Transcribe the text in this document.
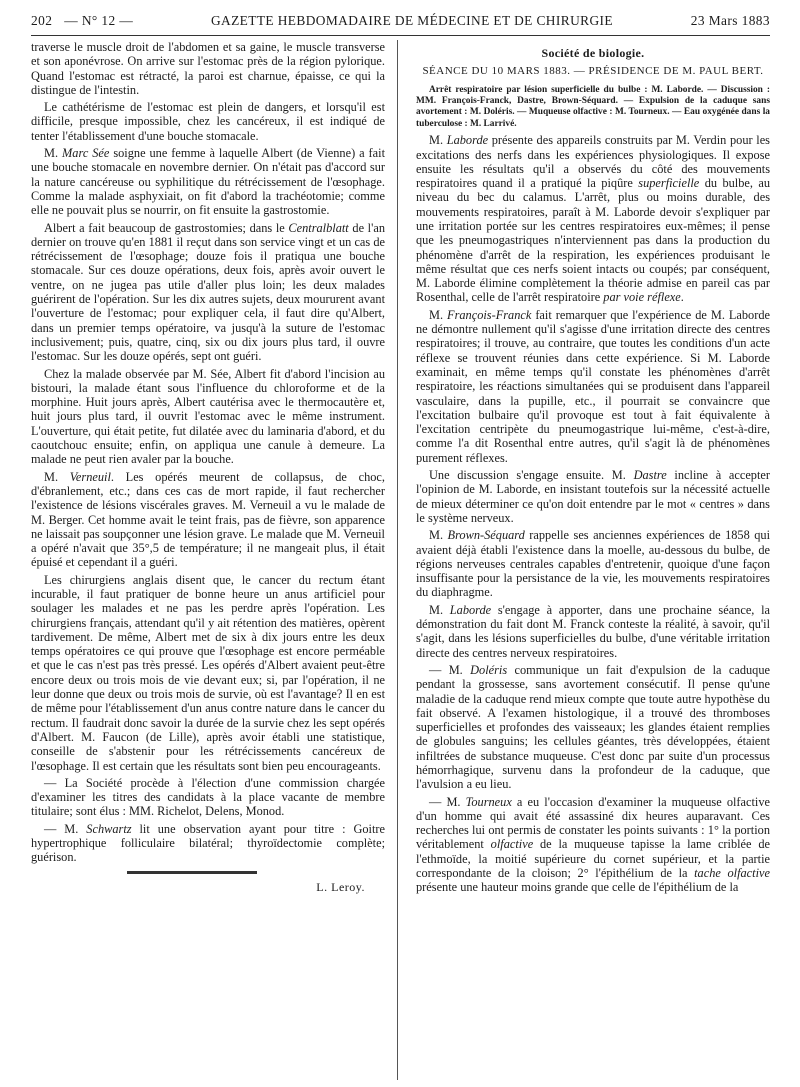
202 — N° 12 —	GAZETTE HEBDOMADAIRE DE MÉDECINE ET DE CHIRURGIE	23 Mars 1883

traverse le muscle droit de l'abdomen et sa gaine, le muscle transverse et son aponévrose. On arrive sur l'estomac près de la région pylorique. Quand l'estomac est rétracté, la paroi est charnue, épaisse, ce qui la distingue de l'intestin.

Le cathétérisme de l'estomac est plein de dangers, et lorsqu'il est difficile, presque impossible, chez les cancéreux, il est indiqué de tenter l'établissement d'une bouche stomacale.

M. Marc Sée soigne une femme à laquelle Albert (de Vienne) a fait une bouche stomacale en novembre dernier. On n'était pas d'accord sur la nature cancéreuse ou syphilitique du rétrécissement de l'œsophage. Comme la malade asphyxiait, on fit d'abord la trachéotomie; comme elle ne pouvait plus se nourrir, on fit ensuite la gastrostomie.

Albert a fait beaucoup de gastrostomies; dans le Centralblatt de l'an dernier on trouve qu'en 1881 il reçut dans son service vingt et un cas de rétrécissement de l'œsophage; douze fois il pratiqua une bouche stomacale. Sur ces douze opérations, deux fois, après avoir ouvert le ventre, on ne jugea pas utile d'aller plus loin; les deux malades guérirent de l'opération. Sur les dix autres sujets, deux moururent avant l'ouverture de l'estomac; pour expliquer cela, il faut dire qu'Albert, dans un premier temps opératoire, va jusqu'à la suture de l'estomac inclusivement; puis, quatre, cinq, six ou dix jours plus tard, il ouvre l'estomac. Sur les douze opérés, sept ont guéri.

Chez la malade observée par M. Sée, Albert fit d'abord l'incision au bistouri, la malade étant sous l'influence du chloroforme et de la morphine. Huit jours après, Albert cautérisa avec le thermocautère et, huit jours plus tard, il ouvrit l'estomac avec le même instrument. L'ouverture, qui était petite, fut dilatée avec du laminaria d'abord, et du caoutchouc ensuite; enfin, on appliqua une canule à demeure. La malade ne peut rien avaler par la bouche.

M. Verneuil. Les opérés meurent de collapsus, de choc, d'ébranlement, etc.; dans ces cas de mort rapide, il faut rechercher l'existence de lésions viscérales graves. M. Verneuil a vu le malade de M. Berger. Cet homme avait le teint frais, pas de fièvre, son apparence ne laissait pas soupçonner une lésion grave. Le malade que M. Verneuil a opéré n'avait que 35°,5 de température; il ne mangeait plus, il était épuisé et cependant il a guéri.

Les chirurgiens anglais disent que, le cancer du rectum étant incurable, il faut pratiquer de bonne heure un anus artificiel pour soulager les malades et ne pas les perdre après l'opération. Les chirurgiens français, attendant qu'il y ait rétention des matières, opèrent tardivement. De même, Albert met de six à dix jours entre les deux temps opératoires ce qui prouve que l'œsophage est encore perméable et que le cas n'est pas très pressé. Les opérés d'Albert avaient peut-être encore deux ou trois mois de vie devant eux; si, par l'opération, il ne leur donne que deux ou trois mois de survie, où est l'avantage? Il en est de même pour l'établissement d'un anus contre nature dans le cancer du rectum. Il faudrait donc savoir la durée de la survie chez les sept opérés d'Albert. M. Faucon (de Lille), après avoir établi une statistique, conseille de s'abstenir pour les rétrécissements cancéreux de l'œsophage. Il est certain que les résultats sont bien peu encourageants.

— La Société procède à l'élection d'une commission chargée d'examiner les titres des candidats à la place vacante de membre titulaire; sont élus : MM. Richelot, Delens, Monod.

— M. Schwartz lit une observation ayant pour titre : Goitre hypertrophique folliculaire bilatéral; thyroïdectomie complète; guérison.

L. Leroy.
Société de biologie.
SÉANCE DU 10 MARS 1883. — PRÉSIDENCE DE M. PAUL BERT.

Arrêt respiratoire par lésion superficielle du bulbe : M. Laborde. — Discussion : MM. François-Franck, Dastre, Brown-Séquard. — Expulsion de la caduque sans avortement : M. Doléris. — Muqueuse olfactive : M. Tourneux. — Eau oxygénée dans la tuberculose : M. Larrivé.

M. Laborde présente des appareils construits par M. Verdin pour les excitations des nerfs dans les expériences physiologiques. Il expose ensuite les résultats qu'il a observés du côté des mouvements respiratoires quand il a pratiqué la piqûre superficielle du bulbe, au niveau du bec du calamus. L'arrêt, plus ou moins durable, des mouvements respiratoires, paraît à M. Laborde devoir s'expliquer par une irritation portée sur les centres respiratoires eux-mêmes; il pense que les pneumogastriques n'interviennent pas dans la production du phénomène d'arrêt de la respiration, les expériences produisant le même résultat que ces nerfs soient intacts ou coupés; par conséquent, M. Laborde élimine complètement la théorie admise en pareil cas par Rosenthal, celle de l'arrêt respiratoire par voie réflexe.

M. François-Franck fait remarquer que l'expérience de M. Laborde ne démontre nullement qu'il s'agisse d'une irritation directe des centres respiratoires; il trouve, au contraire, que toutes les conditions d'un acte réflexe se trouvent réunies dans cette expérience. Si M. Laborde examinait, en même temps qu'il constate les phénomènes d'arrêt respiratoire, les réactions simultanées qui se produisent dans l'appareil vasculaire, dans la pupille, etc., il pourrait se convaincre que l'excitation bulbaire qu'il provoque est tout à fait équivalente à l'excitation centripète du pneumogastrique lui-même, c'est-à-dire, comme l'a dit Rosenthal entre autres, qu'il s'agit là de phénomènes purement réflexes.

Une discussion s'engage ensuite. M. Dastre incline à accepter l'opinion de M. Laborde, en insistant toutefois sur la nécessité actuelle de mieux déterminer ce qu'on doit entendre par le mot « centres » dans le système nerveux.

M. Brown-Séquard rappelle ses anciennes expériences de 1858 qui avaient déjà établi l'existence dans la moelle, au-dessous du bulbe, de régions nerveuses centrales capables d'entretenir, quoique d'une façon insuffisante pour la persistance de la vie, les mouvements respiratoires du diaphragme.

M. Laborde s'engage à apporter, dans une prochaine séance, la démonstration du fait dont M. Franck conteste la réalité, à savoir, qu'il s'agit, dans les lésions superficielles du bulbe, d'une véritable irritation directe des centres nerveux respiratoires.

— M. Doléris communique un fait d'expulsion de la caduque pendant la grossesse, sans avortement consécutif. Il pense qu'une maladie de la caduque rend mieux compte que toute autre hypothèse du fait observé. A l'examen histologique, il a trouvé des thromboses superficielles et profondes des vaisseaux; les glandes étaient remplies de globules sanguins; les cellules géantes, très développées, étaient infiltrées de substance muqueuse. C'est donc par suite d'un processus hémorrhagique, survenu dans la profondeur de la caduque, que l'avulsion a eu lieu.

— M. Tourneux a eu l'occasion d'examiner la muqueuse olfactive d'un homme qui avait été assassiné dix heures auparavant. Ces recherches lui ont permis de constater les points suivants : 1° la portion véritablement olfactive de la muqueuse tapisse la lame criblée de l'ethmoïde, la moitié supérieure du cornet supérieur, et la partie correspondante de la cloison; 2° l'épithélium de la tache olfactive présente une hauteur moins grande que celle de l'épithélium de la
